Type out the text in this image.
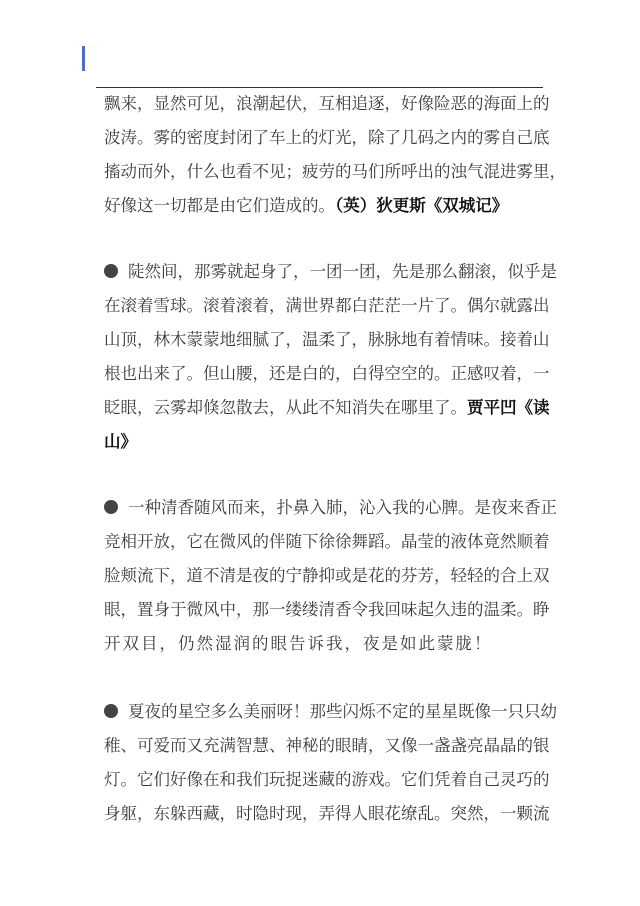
飘来，显然可见，浪潮起伏，互相追逐，好像险恶的海面上的
波涛。雾的密度封闭了车上的灯光，除了几码之内的雾自己底
搐动而外，什么也看不见；疲劳的马们所呼出的浊气混进雾里，
好像这一切都是由它们造成的。（英）狄更斯《双城记》
陡然间，那雾就起身了，一团一团，先是那么翻滚，似乎是
在滚着雪球。滚着滚着，满世界都白茫茫一片了。偶尔就露出
山顶，林木蒙蒙地细腻了，温柔了，脉脉地有着情味。接着山
根也出来了。但山腰，还是白的，白得空空的。正感叹着，一
眨眼，云雾却倏忽散去，从此不知消失在哪里了。贾平凹《读
山》
一种清香随风而来，扑鼻入肺，沁入我的心脾。是夜来香正
竞相开放，它在微风的伴随下徐徐舞蹈。晶莹的液体竟然顺着
脸颊流下，道不清是夜的宁静抑或是花的芬芳，轻轻的合上双
眼，置身于微风中，那一缕缕清香令我回味起久违的温柔。睁
开双目，仍然湿润的眼告诉我，夜是如此蒙胧！
夏夜的星空多么美丽呀！那些闪烁不定的星星既像一只只幼
稚、可爱而又充满智慧、神秘的眼睛，又像一盏盏亮晶晶的银
灯。它们好像在和我们玩捉迷藏的游戏。它们凭着自己灵巧的
身躯，东躲西藏，时隐时现，弄得人眼花缭乱。突然，一颗流
